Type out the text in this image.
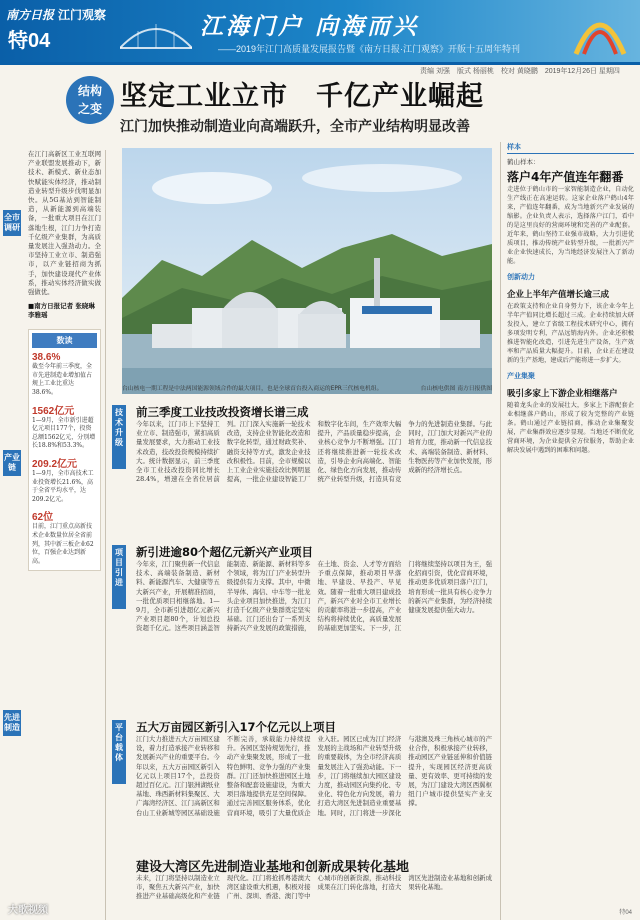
南方日报 江门观察
特04
江海门户 向海而兴
——2019年江门高质量发展报告暨《南方日报·江门观察》开版十五周年特刊
责编 刘强　版式 杨丽桃　校对 黄晓鹏　2019年12月26日 星期四
结构
之变 坚定工业立市　千亿产业崛起
江门加快推动制造业向高端跃升，全市产业结构明显改善
全市调研
产业链
先进制造

在江门高新区工业互联网产业联盟发展推动下，新技术、新模式、新业态加快赋能实体经济，推动制造业转型升级步伐明显加快。从5G基站到智能制造，从新能源到高端装备，一批重大项目在江门落地生根，江门力争打造千亿级产业集群，为高质量发展注入强劲动力。全市坚持工业立市、制造强市，以产业链招商为抓手，加快建设现代产业体系，推动实体经济做实做强做优。

■南方日报记者 张晓琳 李雅瑶

数读
38.6%
截至今年前三季度，全市先进制造业增加值占规上工业比重达38.6%。
1562亿元
1—9月，全市新引进超亿元项目177个，投资总额1562亿元，分别增长18.8%和53.3%。
209.2亿元
1—9月，全市高技术工业投资增长21.6%，高于全省平均水平，达209.2亿元。
62位
目前，江门重点高新技术企业数量位居全省前列，其中新三板企业62位，百强企业达到新高。
台山核电一期工程是中法两国能源领域合作的最大项目，也是全球首台投入商运的EPR三代核电机组。	台山核电供图 南方日报供图
技术升级
前三季度工业技改投资增长谱三成

今年以来，江门市上下坚持工业立市、制造强市，紧扣高质量发展要求，大力推动工业技术改造，技改投资规模持续扩大。统计数据显示，前三季度全市工业技改投资同比增长28.4%，增速在全省位居前列。江门深入实施新一轮技术改造，支持企业智能化改造和数字化转型，通过财政奖补、融资支持等方式，激发企业技改积极性。目前，全市规模以上工业企业实施技改比例明显提高，一批企业建设智能工厂和数字化车间，生产效率大幅提升，产品质量稳步提高，企业核心竞争力不断增强。江门还将继续推进新一轮技术改造，引导企业向高端化、智能化、绿色化方向发展，推动传统产业转型升级，打造具有竞争力的先进制造业集群。与此同时，江门加大对新兴产业的培育力度，推动新一代信息技术、高端装备制造、新材料、生物医药等产业加快发展，形成新的经济增长点。

项目引进
新引进逾80个超亿元新兴产业项目

今年来，江门聚焦新一代信息技术、高端装备制造、新材料、新能源汽车、大健康等五大新兴产业，开展精准招商，一批优质项目相继落地。1—9月，全市新引进超亿元新兴产业项目超80个，计划总投资超千亿元。这些项目涵盖智能制造、新能源、新材料等多个领域，将为江门产业转型升级提供有力支撑。其中，中微半导体、海信、中车等一批龙头企业项目加快推进，为江门打造千亿级产业集群奠定坚实基础。江门还出台了一系列支持新兴产业发展的政策措施，在土地、资金、人才等方面给予重点保障，推动项目早落地、早建设、早投产、早见效。随着一批重大项目建成投产，新兴产业对全市工业增长的贡献率将进一步提高，产业结构将持续优化，高质量发展的基础更加坚实。下一步，江门将继续坚持以项目为王，强化招商引资，优化营商环境，推动更多优质项目落户江门，培育形成一批具有核心竞争力的新兴产业集群，为经济持续健康发展提供强大动力。

平台载体
五大万亩园区新引入17个亿元以上项目

江门大力推进五大万亩园区建设，着力打造承接产业转移和发展新兴产业的重要平台。今年以来，五大万亩园区新引入亿元以上项目17个，总投资超过百亿元。江门银洲湖纸业基地、珠西新材料集聚区、大广海湾经济区、江门高新区和台山工业新城等园区基础设施不断完善，承载能力持续提升。各园区坚持规划先行，推动产业集聚发展，形成了一批特色鲜明、竞争力强的产业集群。江门还加快推进园区土地整备和配套设施建设，为重大项目落地提供充足空间保障。通过完善园区服务体系，优化营商环境，吸引了大量优质企业入驻。园区已成为江门经济发展的主战场和产业转型升级的重要载体，为全市经济高质量发展注入了强劲动能。下一步，江门将继续加大园区建设力度，推动园区向集约化、专业化、特色化方向发展，着力打造大湾区先进制造业重要基地。同时，江门将进一步深化与港澳及珠三角核心城市的产业合作，积极承接产业转移，推动园区产业链延伸和价值链提升，实现园区经济更高质量、更有效率、更可持续的发展，为江门建设大湾区西翼枢纽门户城市提供坚实产业支撑。

建设大湾区先进制造业基地和创新成果转化基地

未来，江门将坚持以制造业立市，聚焦五大新兴产业，加快推进产业基础高级化和产业链现代化。江门将抢抓粤港澳大湾区建设重大机遇，积极对接广州、深圳、香港、澳门等中心城市的创新资源，推动科技成果在江门转化落地，打造大湾区先进制造业基地和创新成果转化基地。

样本
鹤山样本：
落户4年产值连年翻番

走进位于鹤山市的一家智能制造企业，自动化生产线正在高速运转。这家企业落户鹤山4年来，产值连年翻番，成为当地新兴产业发展的缩影。企业负责人表示，选择落户江门，看中的是这里良好的营商环境和完善的产业配套。近年来，鹤山坚持工业强市战略，大力引进优质项目，推动传统产业转型升级，一批新兴产业企业快速成长，为当地经济发展注入了新动能。

创新动力
企业上半年产值增长逾三成

在政策支持和企业自身努力下，该企业今年上半年产值同比增长超过三成。企业持续加大研发投入，建立了省级工程技术研究中心，拥有多项发明专利，产品远销海内外。企业还积极推进智能化改造，引进先进生产设备，生产效率和产品质量大幅提升。目前，企业正在建设新的生产基地，建成后产能将进一步扩大。

产业集聚
吸引多家上下游企业相继落户

随着龙头企业的发展壮大，多家上下游配套企业相继落户鹤山，形成了较为完整的产业链条。鹤山通过产业链招商，推动企业集聚发展，产业集群效应逐步显现。当地还不断优化营商环境，为企业提供全方位服务，帮助企业解决发展中遇到的困难和问题。

大歌视频	特04
